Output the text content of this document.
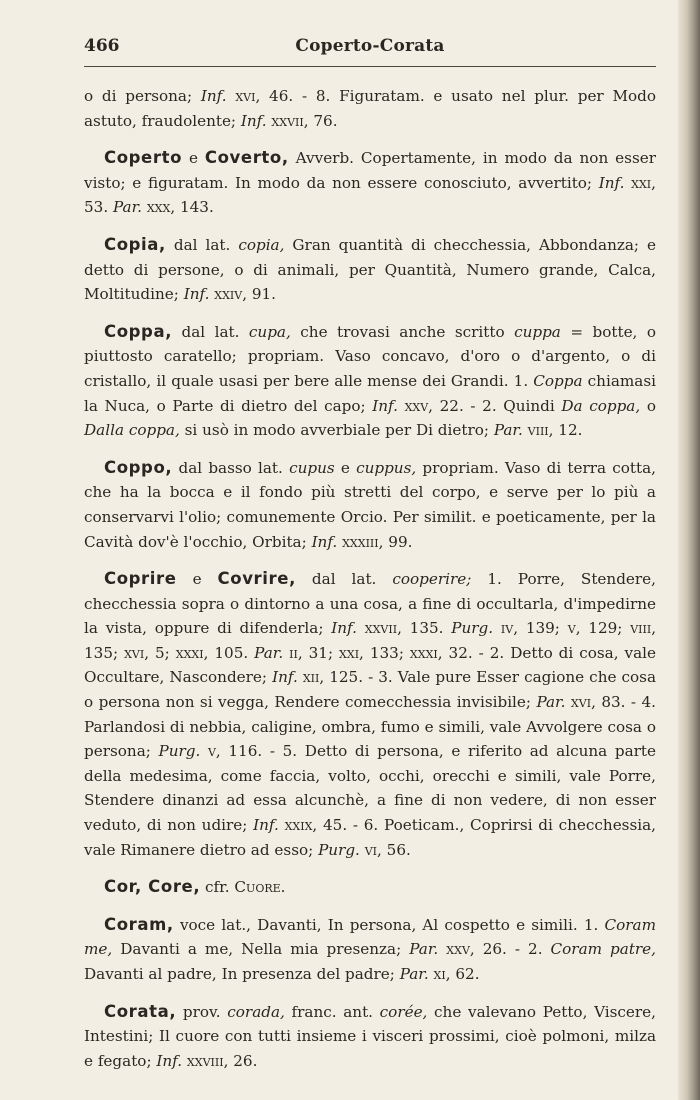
466	Coperto-Corata

o di persona; Inf. xvi, 46. - 8. Figuratam. e usato nel plur. per Modo astuto, fraudolente; Inf. xxvii, 76.

Coperto e Coverto, Avverb. Copertamente, in modo da non esser visto; e figuratam. In modo da non essere conosciuto, avvertito; Inf. xxi, 53. Par. xxx, 143.

Copia, dal lat. copia, Gran quantità di checchessia, Abbondanza; e detto di persone, o di animali, per Quantità, Numero grande, Calca, Moltitudine; Inf. xxiv, 91.

Coppa, dal lat. cupa, che trovasi anche scritto cuppa = botte, o piuttosto caratello; propriam. Vaso concavo, d'oro o d'argento, o di cristallo, il quale usasi per bere alle mense dei Grandi. 1. Coppa chiamasi la Nuca, o Parte di dietro del capo; Inf. xxv, 22. - 2. Quindi Da coppa, o Dalla coppa, si usò in modo avverbiale per Di dietro; Par. viii, 12.

Coppo, dal basso lat. cupus e cuppus, propriam. Vaso di terra cotta, che ha la bocca e il fondo più stretti del corpo, e serve per lo più a conservarvi l'olio; comunemente Orcio. Per similit. e poeticamente, per la Cavità dov'è l'occhio, Orbita; Inf. xxxiii, 99.

Coprire e Covrire, dal lat. cooperire; 1. Porre, Stendere, checchessia sopra o dintorno a una cosa, a fine di occultarla, d'impedirne la vista, oppure di difenderla; Inf. xxvii, 135. Purg. iv, 139; v, 129; viii, 135; xvi, 5; xxxi, 105. Par. ii, 31; xxi, 133; xxxi, 32. - 2. Detto di cosa, vale Occultare, Nascondere; Inf. xii, 125. - 3. Vale pure Esser cagione che cosa o persona non si vegga, Rendere comecchessia invisibile; Par. xvi, 83. - 4. Parlandosi di nebbia, caligine, ombra, fumo e simili, vale Avvolgere cosa o persona; Purg. v, 116. - 5. Detto di persona, e riferito ad alcuna parte della medesima, come faccia, volto, occhi, orecchi e simili, vale Porre, Stendere dinanzi ad essa alcunchè, a fine di non vedere, di non esser veduto, di non udire; Inf. xxix, 45. - 6. Poeticam., Coprirsi di checchessia, vale Rimanere dietro ad esso; Purg. vi, 56.

Cor, Core, cfr. Cuore.

Coram, voce lat., Davanti, In persona, Al cospetto e simili. 1. Coram me, Davanti a me, Nella mia presenza; Par. xxv, 26. - 2. Coram patre, Davanti al padre, In presenza del padre; Par. xi, 62.

Corata, prov. corada, franc. ant. corée, che valevano Petto, Viscere, Intestini; Il cuore con tutti insieme i visceri prossimi, cioè polmoni, milza e fegato; Inf. xxviii, 26.
